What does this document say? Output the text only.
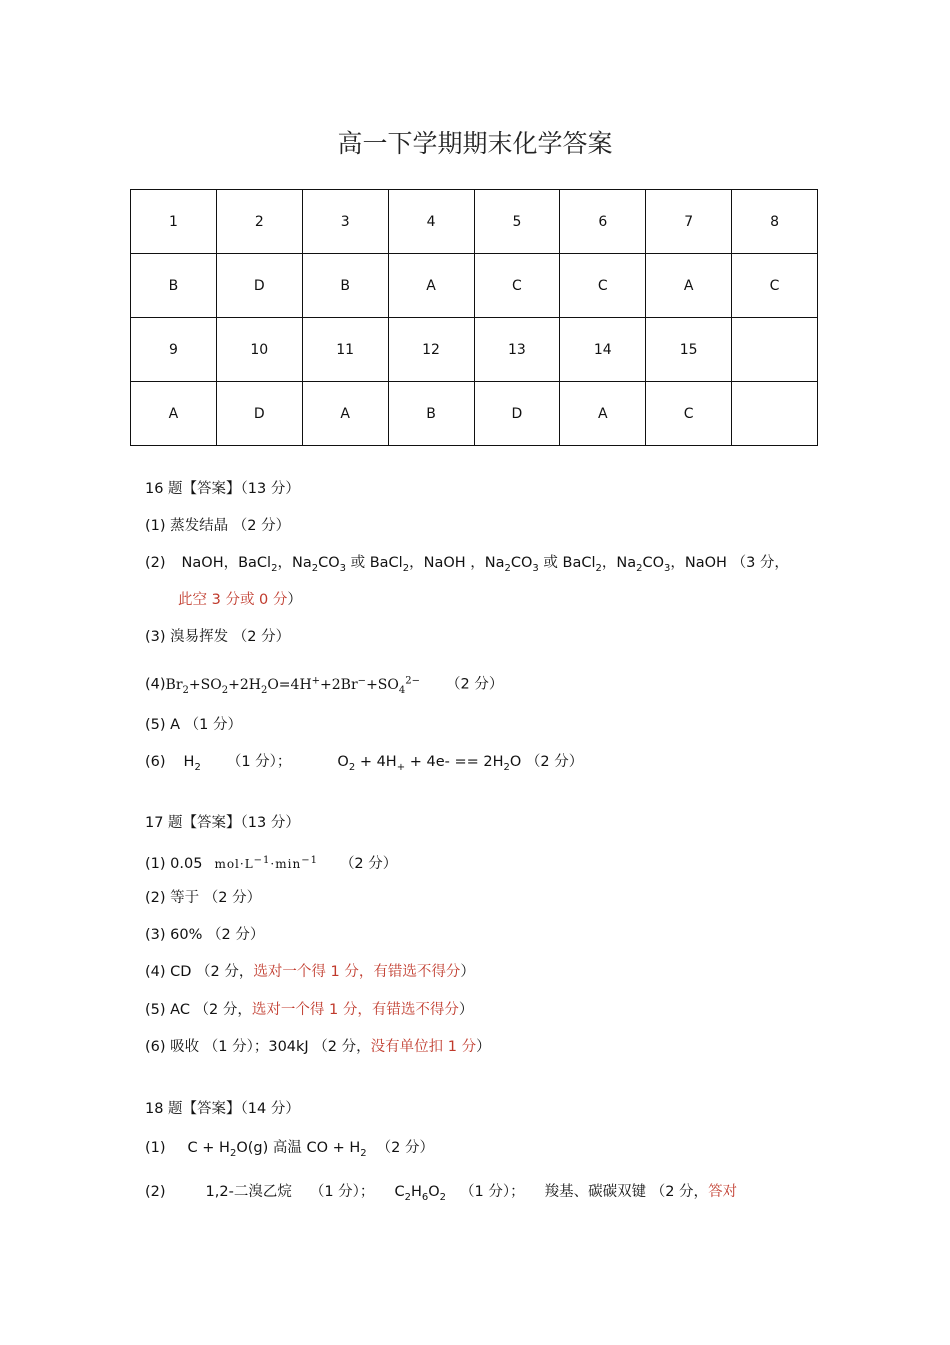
高一下学期期末化学答案
1	2	3	4	5	6	7	8
B	D	B	A	C	C	A	C
9	10	11	12	13	14	15	
A	D	A	B	D	A	C	
16 题【答案】（13 分）
(1) 蒸发结晶 （2 分）
(2) NaOH，BaCl$_2$，$Na_2CO_3$ 或 BaCl$_2$，NaOH ，$Na_2CO_3$ 或 BaCl$_2$，$Na_2CO_3$，NaOH （3 分，
此空 3 分或 0 分）
(3) 溴易挥发 （2 分）
$(4)Br_2+SO_2+2H_2O=4H^++2Br^-+SO_4^{2-}$ （2 分）
(5) A （1 分）
(6) $H_2$ （1 分）；	$O_2 + 4H_+ + 4e- == 2H_2O$ （2 分）
17 题【答案】（13 分）
(1) 0.05 $mol\cdot L^{-1}\cdot\min^{-1}$ （2 分）
(2) 等于 （2 分）
(3) 60% （2 分）
(4) CD （2 分，选对一个得 1 分，有错选不得分）
(5) AC （2 分，选对一个得 1 分，有错选不得分）
(6) 吸收 （1 分）；304kJ （2 分，没有单位扣 1 分）
18 题【答案】（14 分）
(1) $C + H_2O(g)$ 高温 CO + $H_2$ （2 分）
(2)	1,2-二溴乙烷 （1 分）； $C_2H_6O_2$ （1 分）； 羧基、碳碳双键 （2 分，答对
